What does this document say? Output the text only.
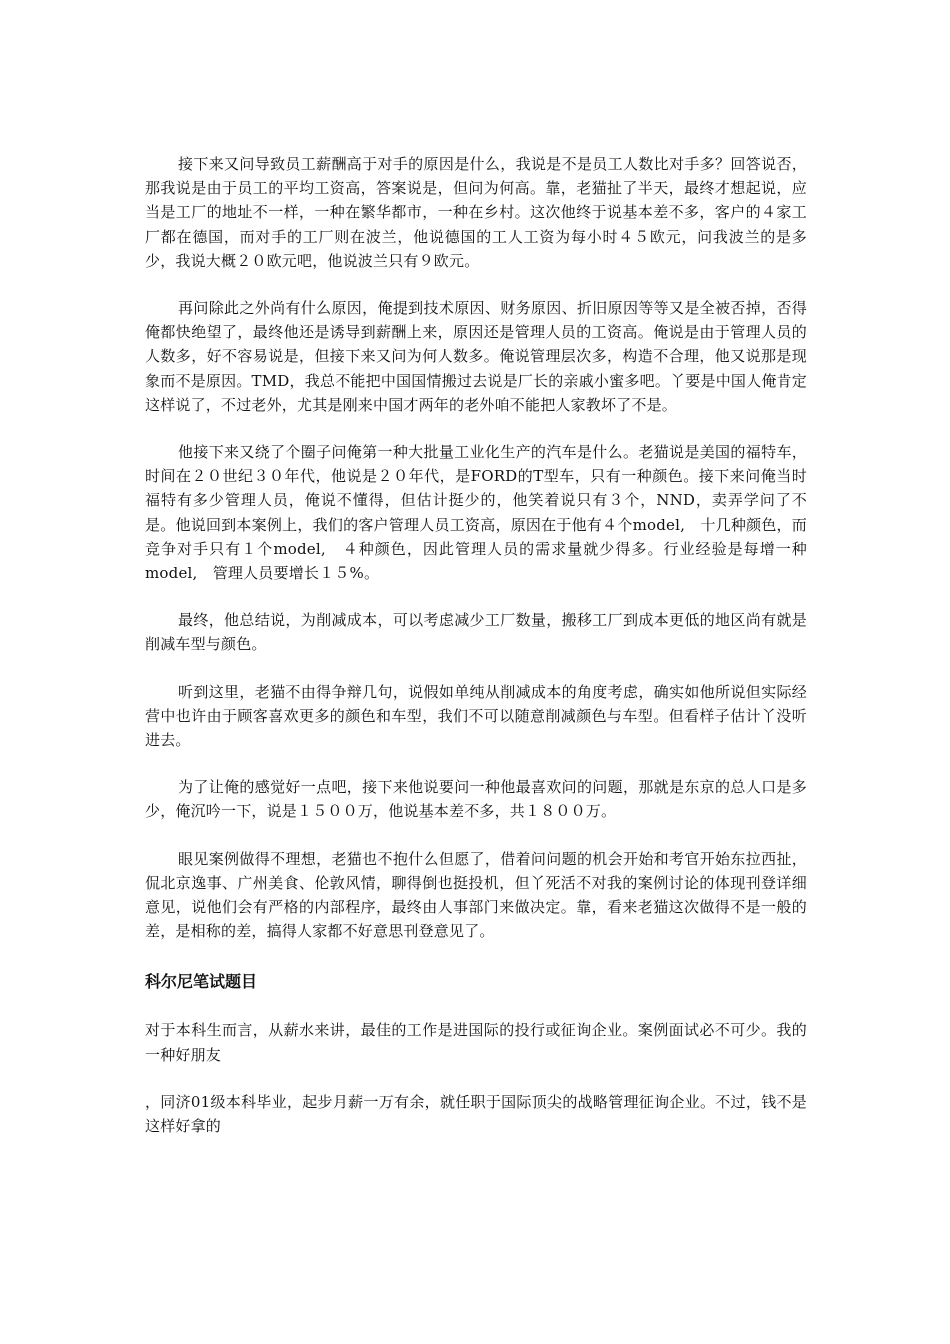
接下来又问导致员工薪酬高于对手的原因是什么，我说是不是员工人数比对手多？回答说否，那我说是由于员工的平均工资高，答案说是，但问为何高。靠，老猫扯了半天，最终才想起说，应当是工厂的地址不一样，一种在繁华都市，一种在乡村。这次他终于说基本差不多，客户的４家工厂都在德国，而对手的工厂则在波兰，他说德国的工人工资为每小时４５欧元，问我波兰的是多少，我说大概２０欧元吧，他说波兰只有９欧元。

再问除此之外尚有什么原因，俺提到技术原因、财务原因、折旧原因等等又是全被否掉，否得俺都快绝望了，最终他还是诱导到薪酬上来，原因还是管理人员的工资高。俺说是由于管理人员的人数多，好不容易说是，但接下来又问为何人数多。俺说管理层次多，构造不合理，他又说那是现象而不是原因。TMD，我总不能把中国国情搬过去说是厂长的亲戚小蜜多吧。丫要是中国人俺肯定这样说了，不过老外，尤其是刚来中国才两年的老外咱不能把人家教坏了不是。

他接下来又绕了个圈子问俺第一种大批量工业化生产的汽车是什么。老猫说是美国的福特车，时间在２０世纪３０年代，他说是２０年代，是FORD的T型车，只有一种颜色。接下来问俺当时福特有多少管理人员，俺说不懂得，但估计挺少的，他笑着说只有３个，NND，卖弄学问了不是。他说回到本案例上，我们的客户管理人员工资高，原因在于他有４个model,　十几种颜色，而竞争对手只有１个model,　４种颜色，因此管理人员的需求量就少得多。行业经验是每增一种model,　管理人员要增长１５%。

最终，他总结说，为削减成本，可以考虑减少工厂数量，搬移工厂到成本更低的地区尚有就是削减车型与颜色。

听到这里，老猫不由得争辩几句，说假如单纯从削减成本的角度考虑，确实如他所说但实际经营中也许由于顾客喜欢更多的颜色和车型，我们不可以随意削减颜色与车型。但看样子估计丫没听进去。

为了让俺的感觉好一点吧，接下来他说要问一种他最喜欢问的问题，那就是东京的总人口是多少，俺沉吟一下，说是１５００万，他说基本差不多，共１８００万。

眼见案例做得不理想，老猫也不抱什么但愿了，借着问问题的机会开始和考官开始东拉西扯，侃北京逸事、广州美食、伦敦风情，聊得倒也挺投机，但丫死活不对我的案例讨论的体现刊登详细意见，说他们会有严格的内部程序，最终由人事部门来做决定。靠，看来老猫这次做得不是一般的差，是相称的差，搞得人家都不好意思刊登意见了。

科尔尼笔试题目

对于本科生而言，从薪水来讲，最佳的工作是进国际的投行或征询企业。案例面试必不可少。我的一种好朋友

，同济01级本科毕业，起步月薪一万有余，就任职于国际顶尖的战略管理征询企业。不过，钱不是这样好拿的
